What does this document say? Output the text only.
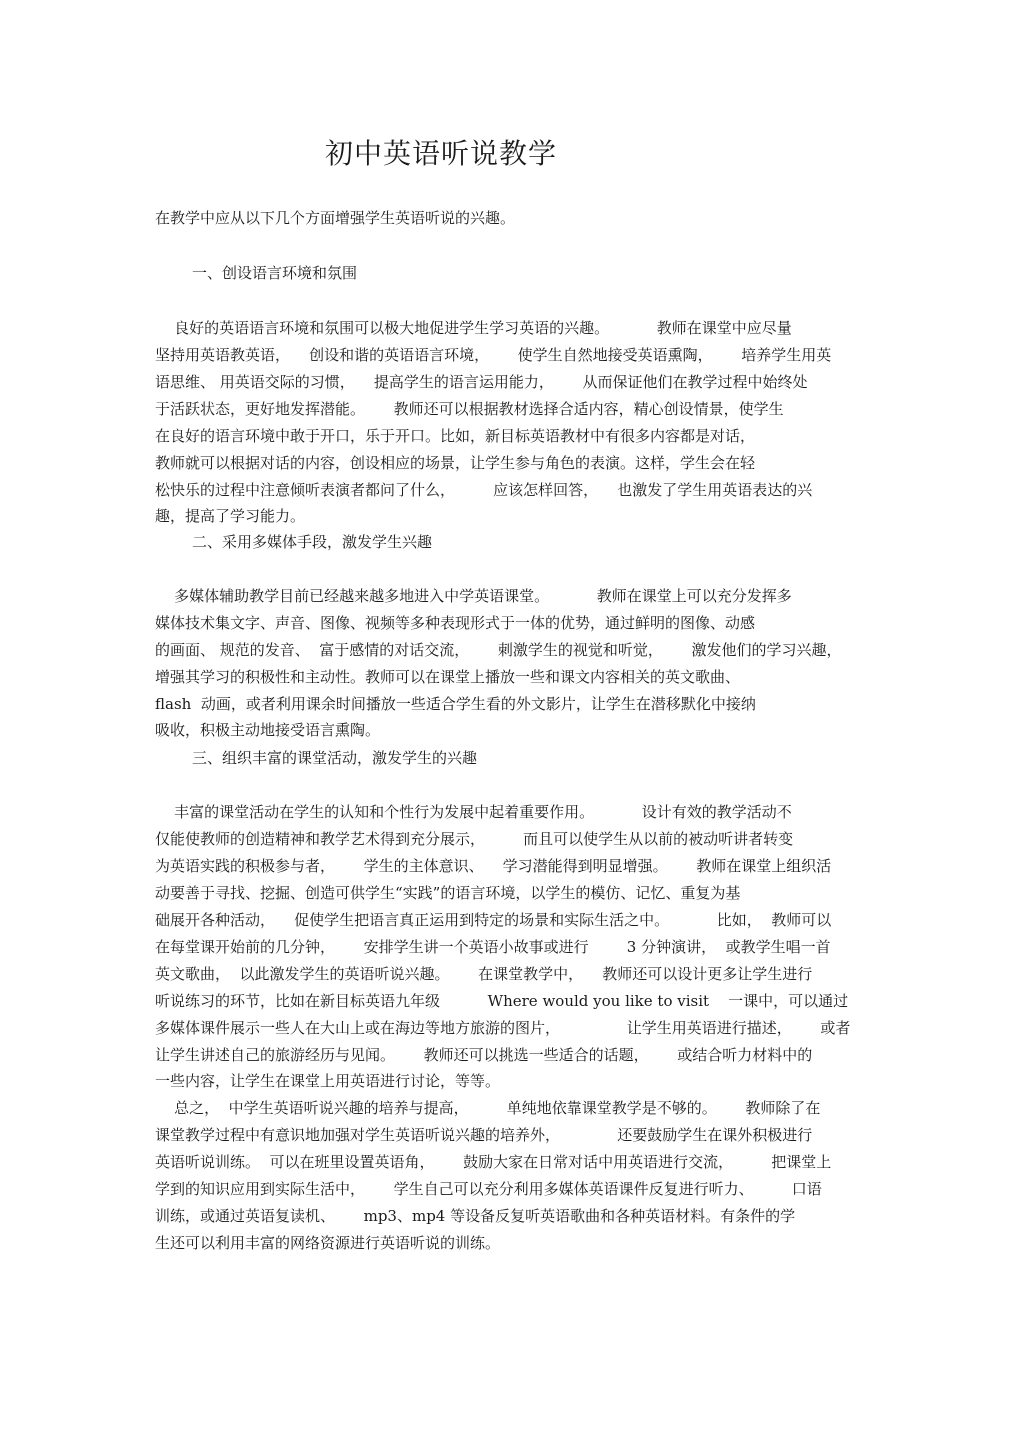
初中英语听说教学
在教学中应从以下几个方面增强学生英语听说的兴趣。
一、创设语言环境和氛围
良好的英语语言环境和氛围可以极大地促进学生学习英语的兴趣。          教师在课堂中应尽量
坚持用英语教英语，    创设和谐的英语语言环境，      使学生自然地接受英语熏陶，      培养学生用英
语思维、 用英语交际的习惯，    提高学生的语言运用能力，      从而保证他们在教学过程中始终处
于活跃状态，更好地发挥潜能。      教师还可以根据教材选择合适内容，精心创设情景，使学生
在良好的语言环境中敢于开口，乐于开口。比如，新目标英语教材中有很多内容都是对话，
教师就可以根据对话的内容，创设相应的场景，让学生参与角色的表演。这样，学生会在轻
松快乐的过程中注意倾听表演者都问了什么，        应该怎样回答，    也激发了学生用英语表达的兴
趣，提高了学习能力。
二、采用多媒体手段，激发学生兴趣
多媒体辅助教学目前已经越来越多地进入中学英语课堂。          教师在课堂上可以充分发挥多
媒体技术集文字、声音、图像、视频等多种表现形式于一体的优势，通过鲜明的图像、动感
的画面、 规范的发音、  富于感情的对话交流，      刺激学生的视觉和听觉，      激发他们的学习兴趣，
增强其学习的积极性和主动性。教师可以在课堂上播放一些和课文内容相关的英文歌曲、
flash  动画，或者利用课余时间播放一些适合学生看的外文影片，让学生在潜移默化中接纳
吸收，积极主动地接受语言熏陶。
三、组织丰富的课堂活动，激发学生的兴趣
丰富的课堂活动在学生的认知和个性行为发展中起着重要作用。          设计有效的教学活动不
仅能使教师的创造精神和教学艺术得到充分展示，        而且可以使学生从以前的被动听讲者转变
为英语实践的积极参与者，      学生的主体意识、    学习潜能得到明显增强。      教师在课堂上组织活
动要善于寻找、挖掘、创造可供学生“实践”的语言环境，以学生的模仿、记忆、重复为基
础展开各种活动，    促使学生把语言真正运用到特定的场景和实际生活之中。          比如，  教师可以
在每堂课开始前的几分钟，      安排学生讲一个英语小故事或进行        3 分钟演讲，  或教学生唱一首
英文歌曲，  以此激发学生的英语听说兴趣。      在课堂教学中，    教师还可以设计更多让学生进行
听说练习的环节，比如在新目标英语九年级          Where would you like to visit    一课中，可以通过
多媒体课件展示一些人在大山上或在海边等地方旅游的图片，              让学生用英语进行描述，      或者
让学生讲述自己的旅游经历与见闻。      教师还可以挑选一些适合的话题，      或结合听力材料中的
一些内容，让学生在课堂上用英语进行讨论，等等。
总之，  中学生英语听说兴趣的培养与提高，        单纯地依靠课堂教学是不够的。      教师除了在
课堂教学过程中有意识地加强对学生英语听说兴趣的培养外，            还要鼓励学生在课外积极进行
英语听说训练。  可以在班里设置英语角，      鼓励大家在日常对话中用英语进行交流，        把课堂上
学到的知识应用到实际生活中，      学生自己可以充分利用多媒体英语课件反复进行听力、        口语
训练，或通过英语复读机、      mp3、mp4 等设备反复听英语歌曲和各种英语材料。有条件的学
生还可以利用丰富的网络资源进行英语听说的训练。
